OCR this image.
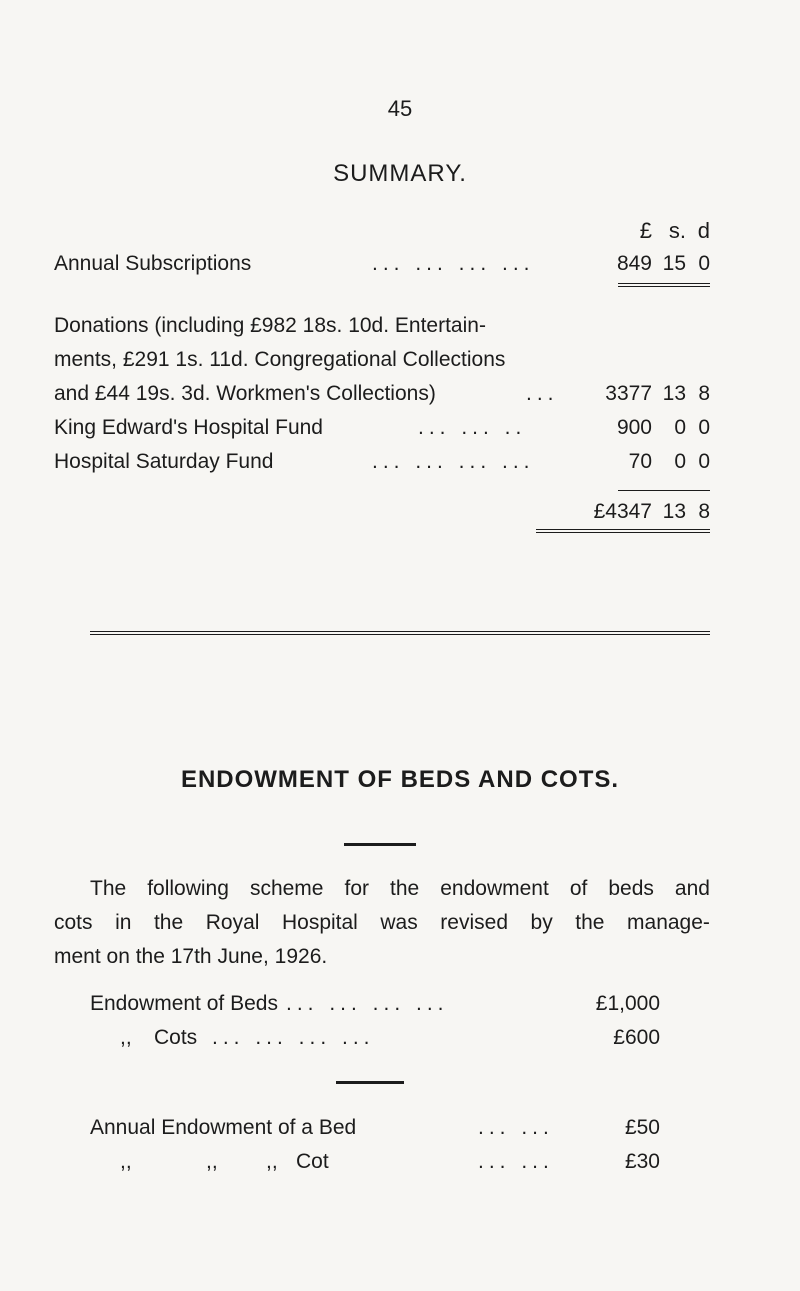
45
SUMMARY.
£ s. d
Annual Subscriptions	... ... ... ...	849 15 0
Donations (including £982 18s. 10d. Entertain-
ments, £291 1s. 11d. Congregational Collections
and £44 19s. 3d. Workmen's Collections)	...	3377 13 8
King Edward's Hospital Fund	... ... ..	900	0 0
Hospital Saturday Fund	... ... ... ...	70	0 0
£4347 13 8
ENDOWMENT OF BEDS AND COTS.
The following scheme for the endowment of beds and
cots in the Royal Hospital was revised by the manage-
ment on the 17th June, 1926.
Endowment of Beds ... ... ... ...	£1,000
,, Cots ... ... ... ...	£600
Annual Endowment of a Bed	... ...	£50
,,	,, ,, Cot	... ...	£30
